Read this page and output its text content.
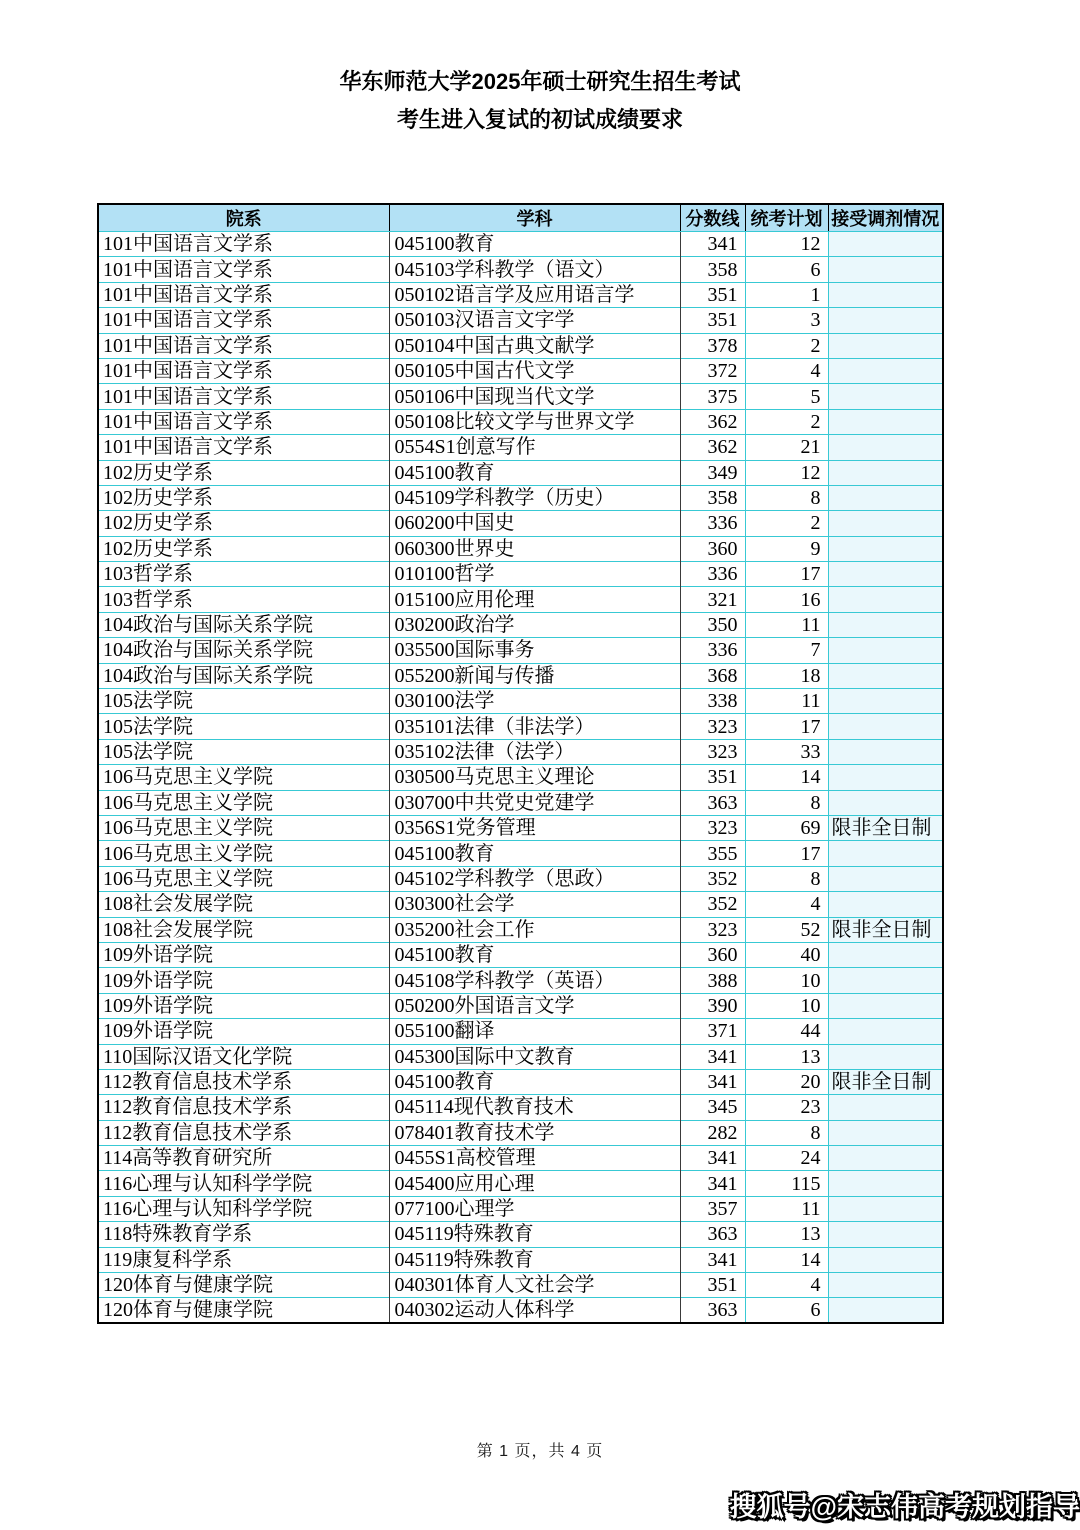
华东师范大学2025年硕士研究生招生考试
考生进入复试的初试成绩要求
院系	学科	分数线	统考计划	接受调剂情况
101中国语言文学系	045100教育	341	12	
101中国语言文学系	045103学科教学（语文）	358	6	
101中国语言文学系	050102语言学及应用语言学	351	1	
101中国语言文学系	050103汉语言文字学	351	3	
101中国语言文学系	050104中国古典文献学	378	2	
101中国语言文学系	050105中国古代文学	372	4	
101中国语言文学系	050106中国现当代文学	375	5	
101中国语言文学系	050108比较文学与世界文学	362	2	
101中国语言文学系	0554S1创意写作	362	21	
102历史学系	045100教育	349	12	
102历史学系	045109学科教学（历史）	358	8	
102历史学系	060200中国史	336	2	
102历史学系	060300世界史	360	9	
103哲学系	010100哲学	336	17	
103哲学系	015100应用伦理	321	16	
104政治与国际关系学院	030200政治学	350	11	
104政治与国际关系学院	035500国际事务	336	7	
104政治与国际关系学院	055200新闻与传播	368	18	
105法学院	030100法学	338	11	
105法学院	035101法律（非法学）	323	17	
105法学院	035102法律（法学）	323	33	
106马克思主义学院	030500马克思主义理论	351	14	
106马克思主义学院	030700中共党史党建学	363	8	
106马克思主义学院	0356S1党务管理	323	69	限非全日制
106马克思主义学院	045100教育	355	17	
106马克思主义学院	045102学科教学（思政）	352	8	
108社会发展学院	030300社会学	352	4	
108社会发展学院	035200社会工作	323	52	限非全日制
109外语学院	045100教育	360	40	
109外语学院	045108学科教学（英语）	388	10	
109外语学院	050200外国语言文学	390	10	
109外语学院	055100翻译	371	44	
110国际汉语文化学院	045300国际中文教育	341	13	
112教育信息技术学系	045100教育	341	20	限非全日制
112教育信息技术学系	045114现代教育技术	345	23	
112教育信息技术学系	078401教育技术学	282	8	
114高等教育研究所	0455S1高校管理	341	24	
116心理与认知科学学院	045400应用心理	341	115	
116心理与认知科学学院	077100心理学	357	11	
118特殊教育学系	045119特殊教育	363	13	
119康复科学系	045119特殊教育	341	14	
120体育与健康学院	040301体育人文社会学	351	4	
120体育与健康学院	040302运动人体科学	363	6	
第 1 页，共 4 页
搜狐号@宋志伟高考规划指导
